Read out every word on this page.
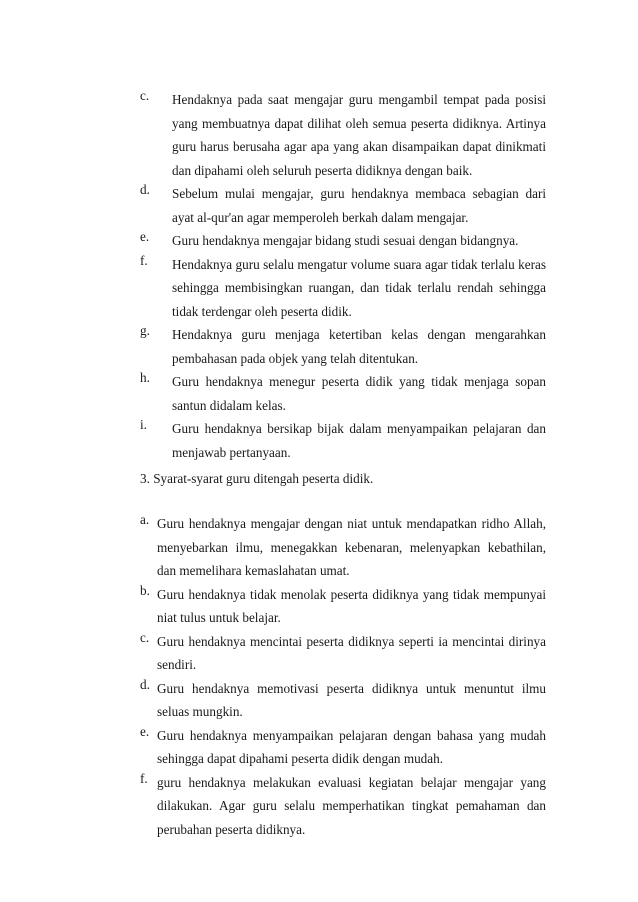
c.	Hendaknya pada saat mengajar guru mengambil tempat pada posisi yang membuatnya dapat dilihat oleh semua peserta didiknya. Artinya guru harus berusaha agar apa yang akan disampaikan dapat dinikmati dan dipahami oleh seluruh peserta didiknya dengan baik.
d.	Sebelum mulai mengajar, guru hendaknya membaca sebagian dari ayat al-qur'an agar memperoleh berkah dalam mengajar.
e.	Guru hendaknya mengajar bidang studi sesuai dengan bidangnya.
f.	Hendaknya guru selalu mengatur volume suara agar tidak terlalu keras sehingga membisingkan ruangan, dan tidak terlalu rendah sehingga tidak terdengar oleh peserta didik.
g.	Hendaknya guru menjaga ketertiban kelas dengan mengarahkan pembahasan pada objek yang telah ditentukan.
h.	Guru hendaknya menegur peserta didik yang tidak menjaga sopan santun didalam kelas.
i.	Guru hendaknya bersikap bijak dalam menyampaikan pelajaran dan menjawab pertanyaan.
3. Syarat-syarat guru ditengah peserta didik.
a. Guru hendaknya mengajar dengan niat untuk mendapatkan ridho Allah, menyebarkan ilmu, menegakkan kebenaran, melenyapkan kebathilan, dan memelihara kemaslahatan umat.
b. Guru hendaknya tidak menolak peserta didiknya yang tidak mempunyai niat tulus untuk belajar.
c. Guru hendaknya mencintai peserta didiknya seperti ia mencintai dirinya sendiri.
d. Guru hendaknya memotivasi peserta didiknya untuk menuntut ilmu seluas mungkin.
e. Guru hendaknya menyampaikan pelajaran dengan bahasa yang mudah sehingga dapat dipahami peserta didik dengan mudah.
f. guru hendaknya melakukan evaluasi kegiatan belajar mengajar yang dilakukan. Agar guru selalu memperhatikan tingkat pemahaman dan perubahan peserta didiknya.
